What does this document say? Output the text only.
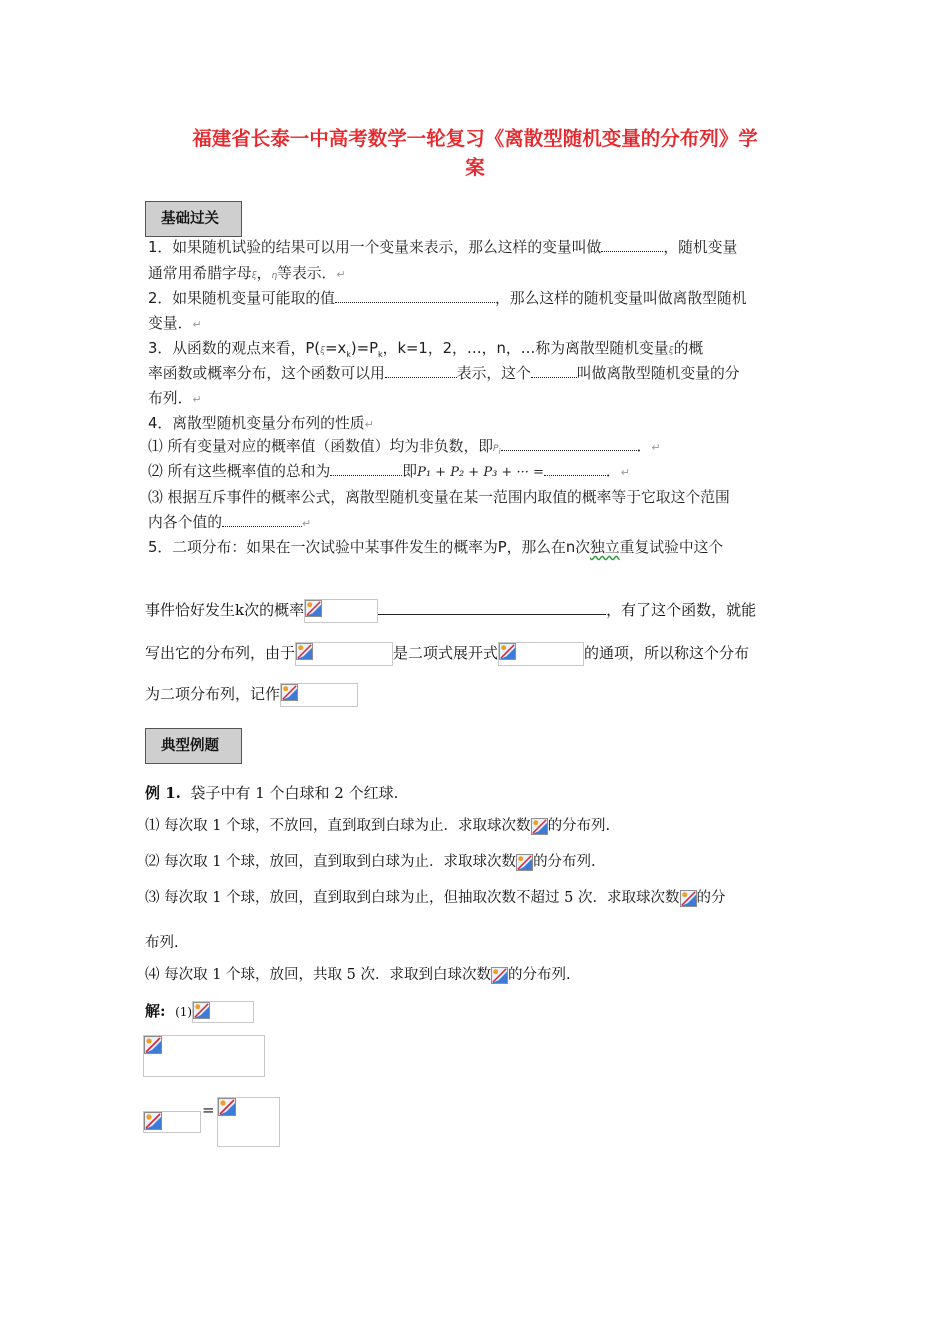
福建省长泰一中高考数学一轮复习《离散型随机变量的分布列》学
案
基础过关
1．如果随机试验的结果可以用一个变量来表示，那么这样的变量叫做	，随机变量
通常用希腊字母ξ，η等表示．↵
2．如果随机变量可能取的值	，那么这样的随机变量叫做离散型随机
变量．↵
3．从函数的观点来看，$P(\xi=x_k)=P_k$，k=1，2，…，n，…称为离散型随机变量ξ的概
率函数或概率分布，这个函数可以用	表示，这个	叫做离散型随机变量的分
布列．↵
4．离散型随机变量分布列的性质↵
⑴ 所有变量对应的概率值（函数值）均为非负数，即$P_i$	．↵
⑵ 所有这些概率值的总和为	即P₁ + P₂ + P₃ + ··· =	．↵
⑶ 根据互斥事件的概率公式，离散型随机变量在某一范围内取值的概率等于它取这个范围
内各个值的	↵
5．二项分布：如果在一次试验中某事件发生的概率为P，那么在n次独立重复试验中这个
事件恰好发生k次的概率	，有了这个函数，就能
写出它的分布列，由于	是二项式展开式	的通项，所以称这个分布
为二项分布列，记作
典型例题
例 1. 袋子中有 1 个白球和 2 个红球.
⑴ 每次取 1 个球，不放回，直到取到白球为止．求取球次数 的分布列.
⑵ 每次取 1 个球，放回，直到取到白球为止．求取球次数 的分布列.
⑶ 每次取 1 个球，放回，直到取到白球为止，但抽取次数不超过 5 次．求取球次数 的分
布列.
⑷ 每次取 1 个球，放回，共取 5 次．求取到白球次数 的分布列.
解: (1)
=
